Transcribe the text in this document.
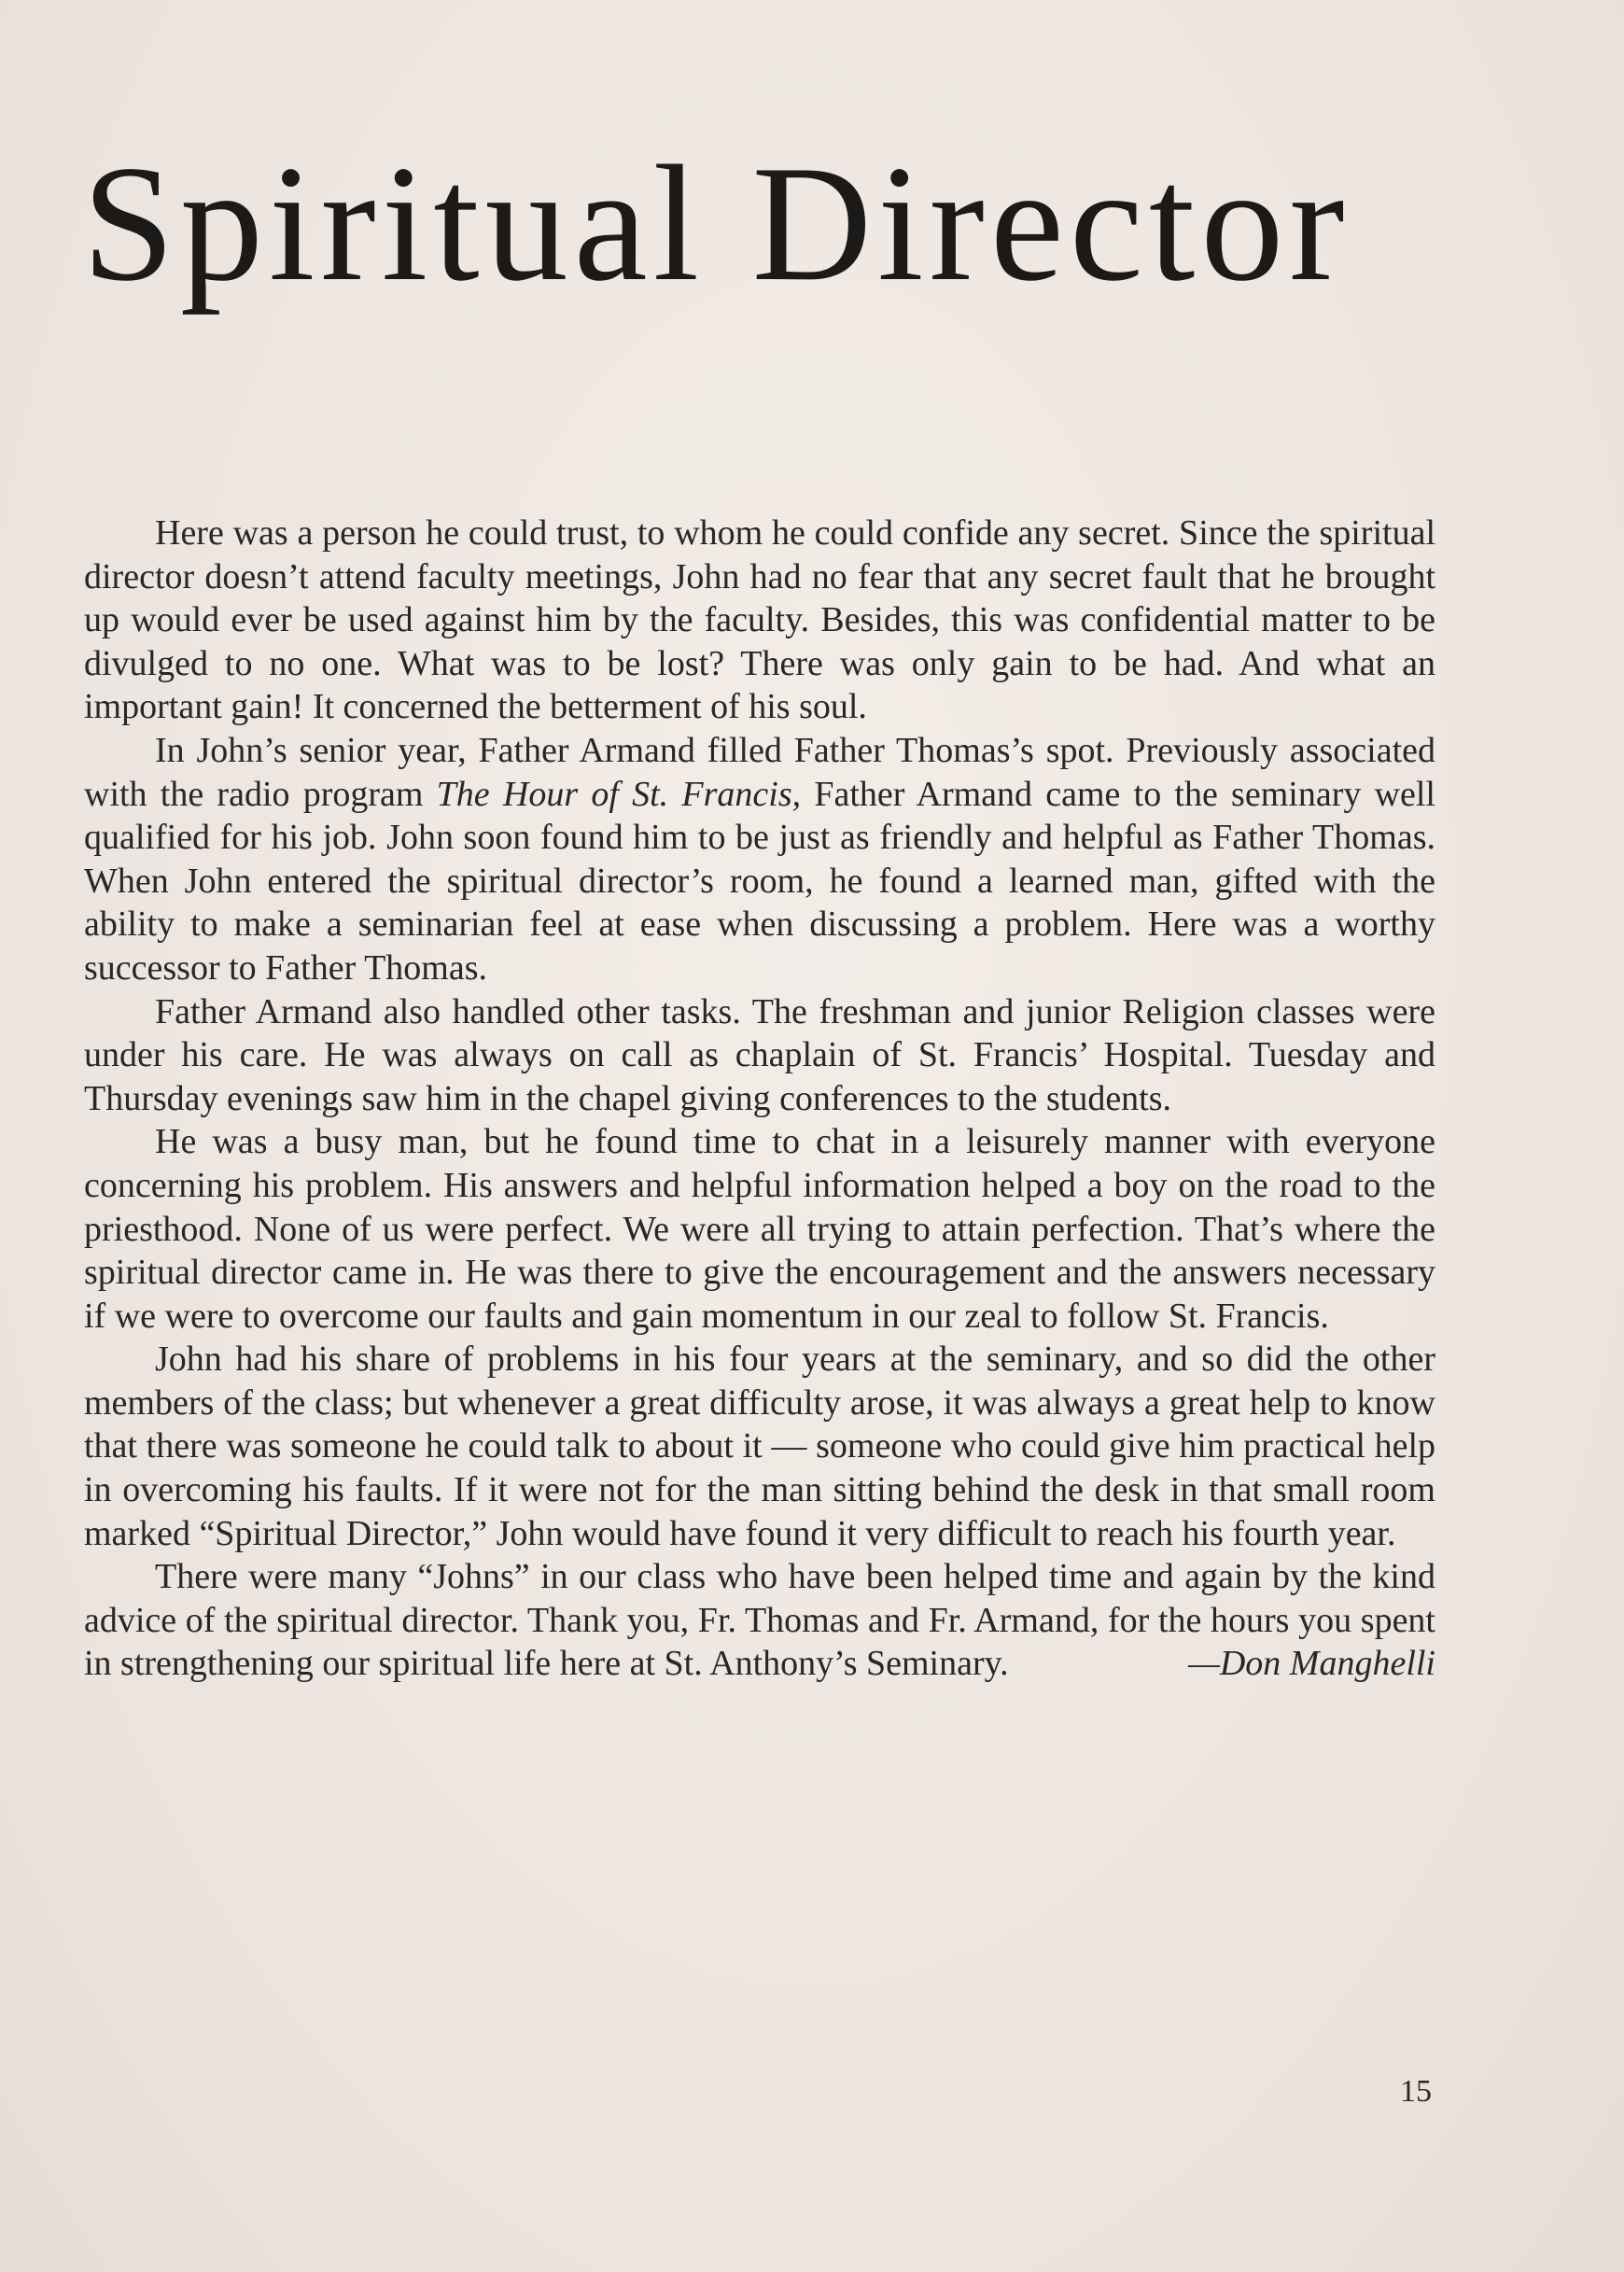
Spiritual Director

Here was a person he could trust, to whom he could confide any secret. Since the spiritual director doesn’t attend faculty meetings, John had no fear that any secret fault that he brought up would ever be used against him by the faculty. Besides, this was confidential matter to be divulged to no one. What was to be lost? There was only gain to be had. And what an important gain! It concerned the betterment of his soul.

In John’s senior year, Father Armand filled Father Thomas’s spot. Previously associated with the radio program The Hour of St. Francis, Father Armand came to the seminary well qualified for his job. John soon found him to be just as friendly and helpful as Father Thomas. When John entered the spiritual director’s room, he found a learned man, gifted with the ability to make a seminarian feel at ease when discussing a problem. Here was a worthy successor to Father Thomas.

Father Armand also handled other tasks. The freshman and junior Religion classes were under his care. He was always on call as chaplain of St. Francis’ Hospital. Tuesday and Thursday evenings saw him in the chapel giving conferences to the students.

He was a busy man, but he found time to chat in a leisurely manner with everyone concerning his problem. His answers and helpful information helped a boy on the road to the priesthood. None of us were perfect. We were all trying to attain perfection. That’s where the spiritual director came in. He was there to give the encouragement and the answers necessary if we were to overcome our faults and gain momentum in our zeal to follow St. Francis.

John had his share of problems in his four years at the seminary, and so did the other members of the class; but whenever a great difficulty arose, it was always a great help to know that there was someone he could talk to about it — someone who could give him practical help in overcoming his faults. If it were not for the man sitting behind the desk in that small room marked “Spiritual Director,” John would have found it very difficult to reach his fourth year.

There were many “Johns” in our class who have been helped time and again by the kind advice of the spiritual director. Thank you, Fr. Thomas and Fr. Armand, for the hours you spent in strengthening our spiritual life here at St. Anthony’s Seminary.	—Don Manghelli

15
